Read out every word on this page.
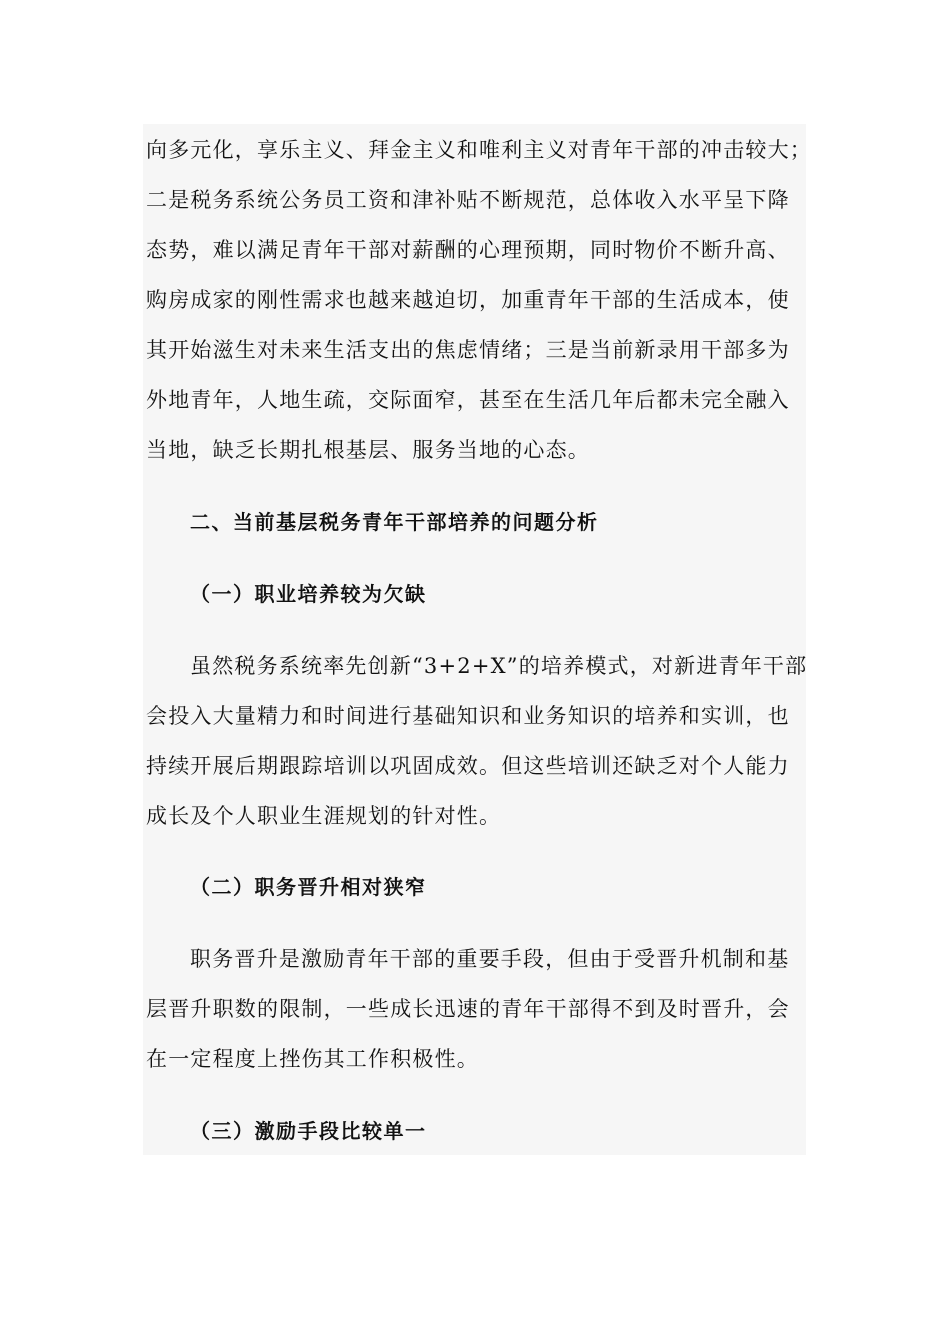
向多元化，享乐主义、拜金主义和唯利主义对青年干部的冲击较大；
二是税务系统公务员工资和津补贴不断规范，总体收入水平呈下降
态势，难以满足青年干部对薪酬的心理预期，同时物价不断升高、
购房成家的刚性需求也越来越迫切，加重青年干部的生活成本，使
其开始滋生对未来生活支出的焦虑情绪；三是当前新录用干部多为
外地青年，人地生疏，交际面窄，甚至在生活几年后都未完全融入
当地，缺乏长期扎根基层、服务当地的心态。
二、当前基层税务青年干部培养的问题分析
（一）职业培养较为欠缺
虽然税务系统率先创新“3+2+X”的培养模式，对新进青年干部
会投入大量精力和时间进行基础知识和业务知识的培养和实训，也
持续开展后期跟踪培训以巩固成效。但这些培训还缺乏对个人能力
成长及个人职业生涯规划的针对性。
（二）职务晋升相对狭窄
职务晋升是激励青年干部的重要手段，但由于受晋升机制和基
层晋升职数的限制，一些成长迅速的青年干部得不到及时晋升，会
在一定程度上挫伤其工作积极性。
（三）激励手段比较单一
